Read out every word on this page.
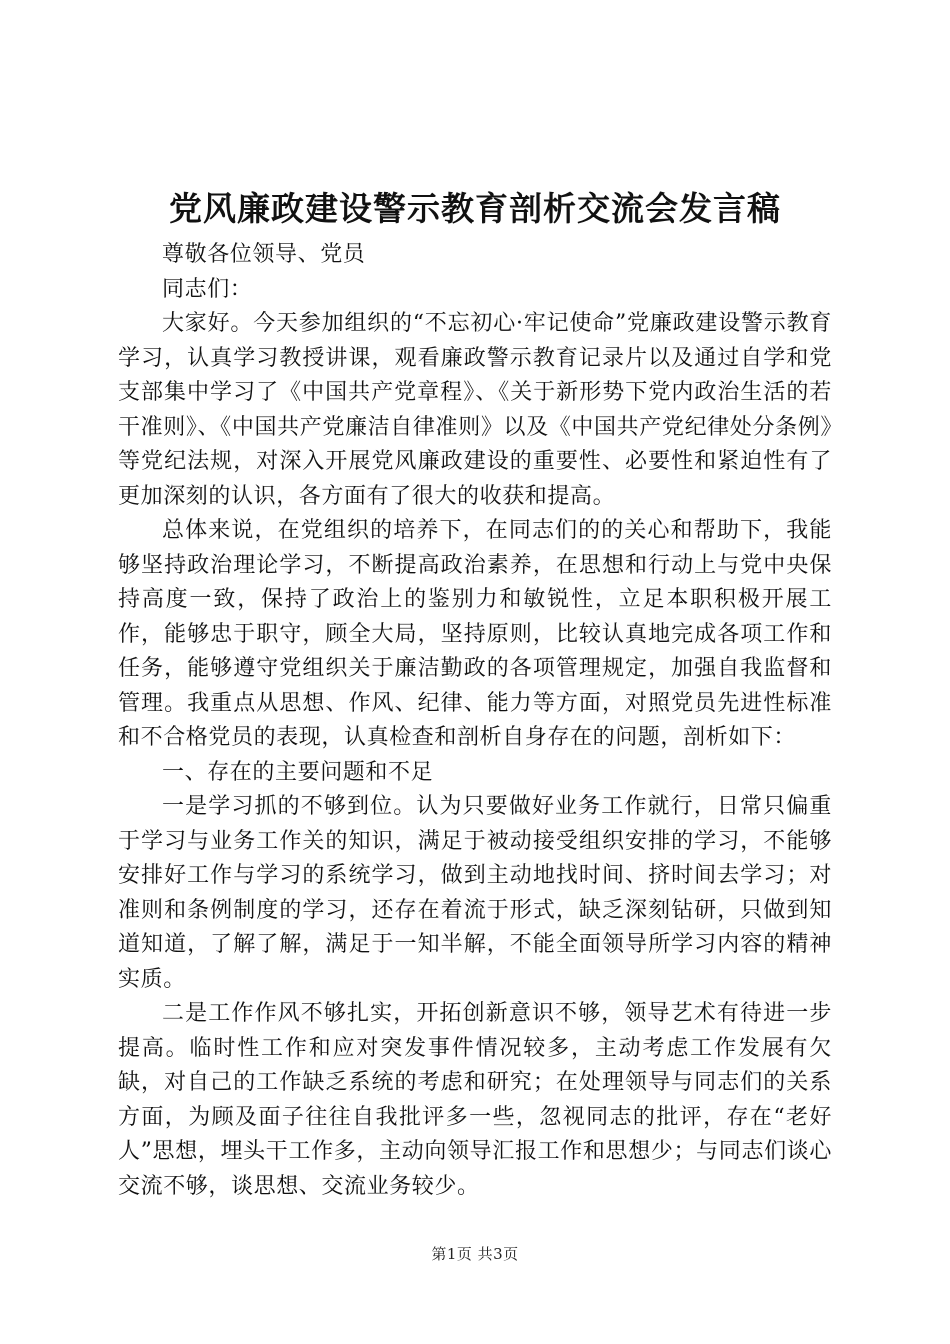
党风廉政建设警示教育剖析交流会发言稿

尊敬各位领导、党员

同志们：

大家好。今天参加组织的“不忘初心·牢记使命”党廉政建设警示教育学习，认真学习教授讲课，观看廉政警示教育记录片以及通过自学和党支部集中学习了《中国共产党章程》、《关于新形势下党内政治生活的若干准则》、《中国共产党廉洁自律准则》以及《中国共产党纪律处分条例》等党纪法规，对深入开展党风廉政建设的重要性、必要性和紧迫性有了更加深刻的认识，各方面有了很大的收获和提高。

总体来说，在党组织的培养下，在同志们的的关心和帮助下，我能够坚持政治理论学习，不断提高政治素养，在思想和行动上与党中央保持高度一致，保持了政治上的鉴别力和敏锐性，立足本职积极开展工作，能够忠于职守，顾全大局，坚持原则，比较认真地完成各项工作和任务，能够遵守党组织关于廉洁勤政的各项管理规定，加强自我监督和管理。我重点从思想、作风、纪律、能力等方面，对照党员先进性标准和不合格党员的表现，认真检查和剖析自身存在的问题，剖析如下：

一、存在的主要问题和不足

一是学习抓的不够到位。认为只要做好业务工作就行，日常只偏重于学习与业务工作关的知识，满足于被动接受组织安排的学习，不能够安排好工作与学习的系统学习，做到主动地找时间、挤时间去学习；对准则和条例制度的学习，还存在着流于形式，缺乏深刻钻研，只做到知道知道，了解了解，满足于一知半解，不能全面领导所学习内容的精神实质。

二是工作作风不够扎实，开拓创新意识不够，领导艺术有待进一步提高。临时性工作和应对突发事件情况较多，主动考虑工作发展有欠缺，对自己的工作缺乏系统的考虑和研究；在处理领导与同志们的关系方面，为顾及面子往往自我批评多一些，忽视同志的批评，存在“老好人”思想，埋头干工作多，主动向领导汇报工作和思想少；与同志们谈心交流不够，谈思想、交流业务较少。

第1页 共3页
